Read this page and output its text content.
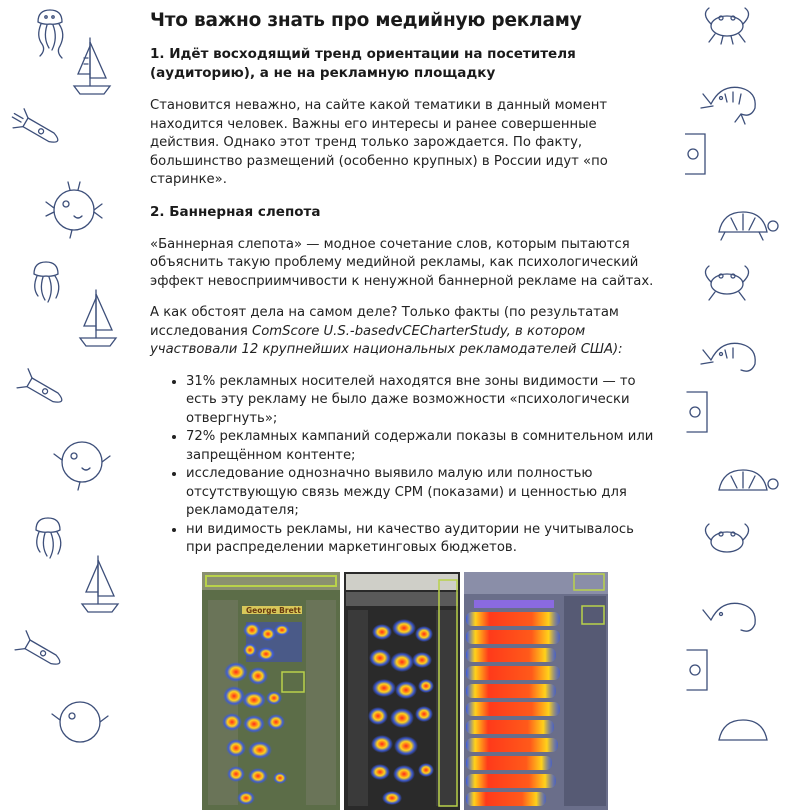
Что важно знать про медийную рекламу
1. Идёт восходящий тренд ориентации на посетителя (аудиторию), а не на рекламную площадку

Становится неважно, на сайте какой тематики в данный момент находится человек. Важны его интересы и ранее совершенные действия. Однако этот тренд только зарождается. По факту, большинство размещений (особенно крупных) в России идут «по старинке».

2. Баннерная слепота

«Баннерная слепота» — модное сочетание слов, которым пытаются объяснить такую проблему медийной рекламы, как психологический эффект невосприимчивости к ненужной баннерной рекламе на сайтах.

А как обстоят дела на самом деле? Только факты (по результатам исследования ComScore U.S.-basedvCECharterStudy, в котором участвовали 12 крупнейших национальных рекламодателей США):

• 31% рекламных носителей находятся вне зоны видимости — то есть эту рекламу не было даже возможности «психологически отвергнуть»;
• 72% рекламных кампаний содержали показы в сомнительном или запрещённом контенте;
• исследование однозначно выявило малую или полностью отсутствующую связь между CPM (показами) и ценностью для рекламодателя;
• ни видимость рекламы, ни качество аудитории не учитывалось при распределении маркетинговых бюджетов.
George Brett
